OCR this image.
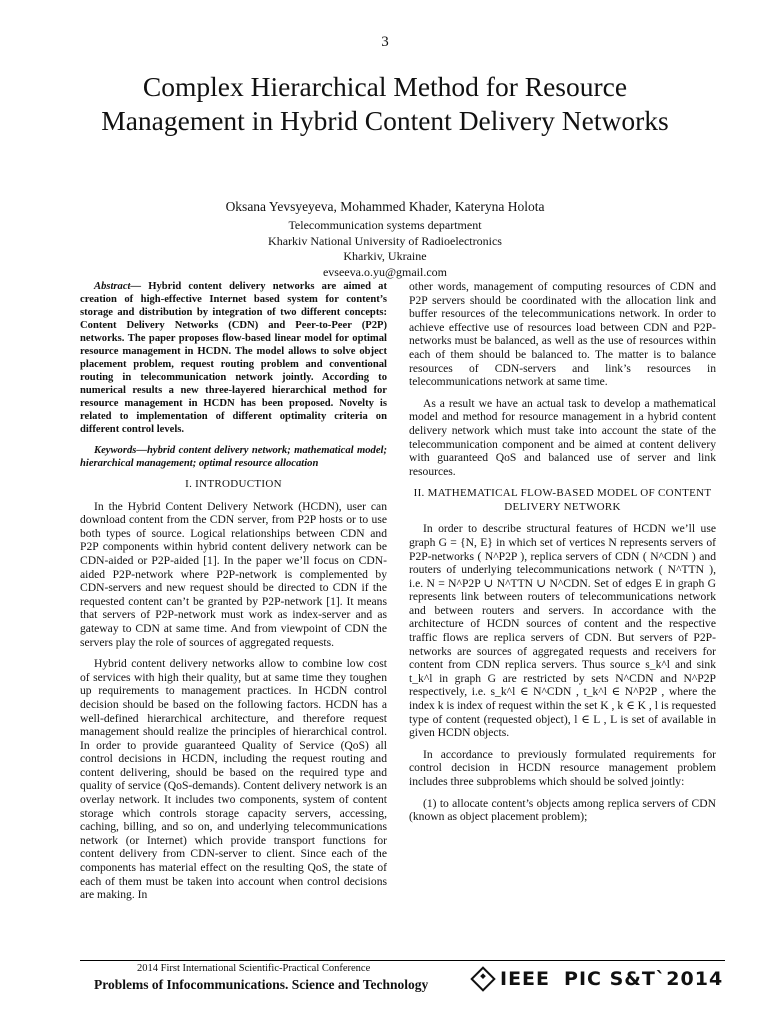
3
Complex Hierarchical Method for Resource Management in Hybrid Content Delivery Networks
Oksana Yevsyeyeva, Mohammed Khader, Kateryna Holota
Telecommunication systems department
Kharkiv National University of Radioelectronics
Kharkiv, Ukraine
evseeva.o.yu@gmail.com

Abstract— Hybrid content delivery networks are aimed at creation of high-effective Internet based system for content’s storage and distribution by integration of two different concepts: Content Delivery Networks (CDN) and Peer-to-Peer (P2P) networks. The paper proposes flow-based linear model for optimal resource management in HCDN. The model allows to solve object placement problem, request routing problem and conventional routing in telecommunication network jointly. According to numerical results a new three-layered hierarchical method for resource management in HCDN has been proposed. Novelty is related to implementation of different optimality criteria on different control levels.

Keywords—hybrid content delivery network; mathematical model; hierarchical management; optimal resource allocation

I. INTRODUCTION

In the Hybrid Content Delivery Network (HCDN), user can download content from the CDN server, from P2P hosts or to use both types of source. Logical relationships between CDN and P2P components within hybrid content delivery network can be CDN-aided or P2P-aided [1]. In the paper we’ll focus on CDN-aided P2P-network where P2P-network is complemented by CDN-servers and new request should be directed to CDN if the requested content can’t be granted by P2P-network [1]. It means that servers of P2P-network must work as index-server and as gateway to CDN at same time. And from viewpoint of CDN the servers play the role of sources of aggregated requests.

Hybrid content delivery networks allow to combine low cost of services with high their quality, but at same time they toughen up requirements to management practices. In HCDN control decision should be based on the following factors. HCDN has a well-defined hierarchical architecture, and therefore request management should realize the principles of hierarchical control. In order to provide guaranteed Quality of Service (QoS) all control decisions in HCDN, including the request routing and content delivering, should be based on the required type and quality of service (QoS-demands). Content delivery network is an overlay network. It includes two components, system of content storage which controls storage capacity servers, accessing, caching, billing, and so on, and underlying telecommunications network (or Internet) which provide transport functions for content delivery from CDN-server to client. Since each of the components has material effect on the resulting QoS, the state of each of them must be taken into account when control decisions are making. In

other words, management of computing resources of CDN and P2P servers should be coordinated with the allocation link and buffer resources of the telecommunications network. In order to achieve effective use of resources load between CDN and P2P-networks must be balanced, as well as the use of resources within each of them should be balanced to. The matter is to balance resources of CDN-servers and link’s resources in telecommunications network at same time.

As a result we have an actual task to develop a mathematical model and method for resource management in a hybrid content delivery network which must take into account the state of the telecommunication component and be aimed at content delivery with guaranteed QoS and balanced use of server and link resources.

II. MATHEMATICAL FLOW-BASED MODEL OF CONTENT
DELIVERY NETWORK

In order to describe structural features of HCDN we’ll use graph G = {N, E} in which set of vertices N represents servers of P2P-networks ( N^P2P ), replica servers of CDN ( N^CDN ) and routers of underlying telecommunications network ( N^TTN ), i.e. N = N^P2P ∪ N^TTN ∪ N^CDN. Set of edges E in graph G represents link between routers of telecommunications network and between routers and servers. In accordance with the architecture of HCDN sources of content and the respective traffic flows are replica servers of CDN. But servers of P2P-networks are sources of aggregated requests and receivers for content from CDN replica servers. Thus source s_k^l and sink t_k^l in graph G are restricted by sets N^CDN and N^P2P respectively, i.e. s_k^l ∈ N^CDN , t_k^l ∈ N^P2P , where the index k is index of request within the set K , k ∈ K , l is requested type of content (requested object), l ∈ L , L is set of available in given HCDN objects.

In accordance to previously formulated requirements for control decision in HCDN resource management problem includes three subproblems which should be solved jointly:

(1) to allocate content’s objects among replica servers of CDN (known as object placement problem);

2014 First International Scientific-Practical Conference
Problems of Infocommunications. Science and Technology	IEEE PIC S&T`2014
